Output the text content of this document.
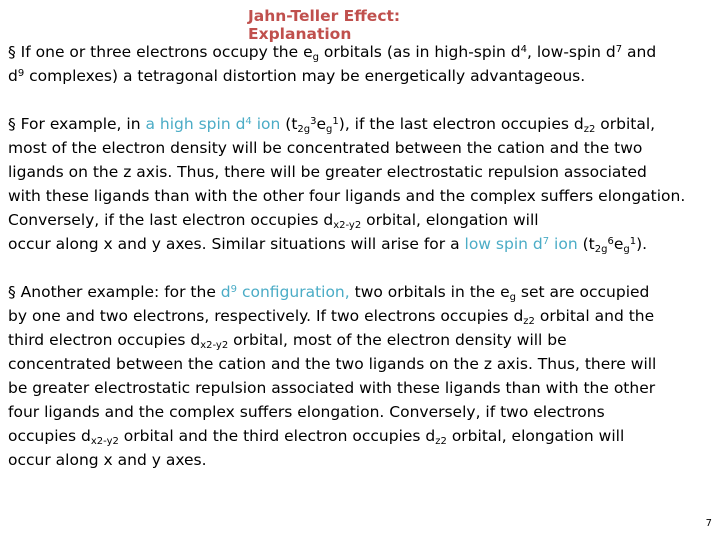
Jahn-Teller Effect:
Explanation
§ If one or three electrons occupy the $e_g$ orbitals (as in high-spin $d^4$, low-spin $d^7$ and
$d^9$ complexes) a tetragonal distortion may be energetically advantageous.
§ For example, in a high spin $d^4$ ion $(t_{2g}^3e_g^1)$, if the last electron occupies $d_{z2}$ orbital,
most of the electron density will be concentrated between the cation and the two
ligands on the z axis. Thus, there will be greater electrostatic repulsion associated
with these ligands than with the other four ligands and the complex suffers elongation.
Conversely, if the last electron occupies $d_{x2-y2}$ orbital, elongation will
occur along x and y axes. Similar situations will arise for a low spin $d^7$ ion $(t_{2g}^6e_g^1)$.
§ Another example: for the $d^9$ configuration, two orbitals in the $e_g$ set are occupied
by one and two electrons, respectively. If two electrons occupies $d_{z2}$ orbital and the
third electron occupies $d_{x2-y2}$ orbital, most of the electron density will be
concentrated between the cation and the two ligands on the z axis. Thus, there will
be greater electrostatic repulsion associated with these ligands than with the other
four ligands and the complex suffers elongation. Conversely, if two electrons
occupies $d_{x2-y2}$ orbital and the third electron occupies $d_{z2}$ orbital, elongation will
occur along x and y axes.
7
